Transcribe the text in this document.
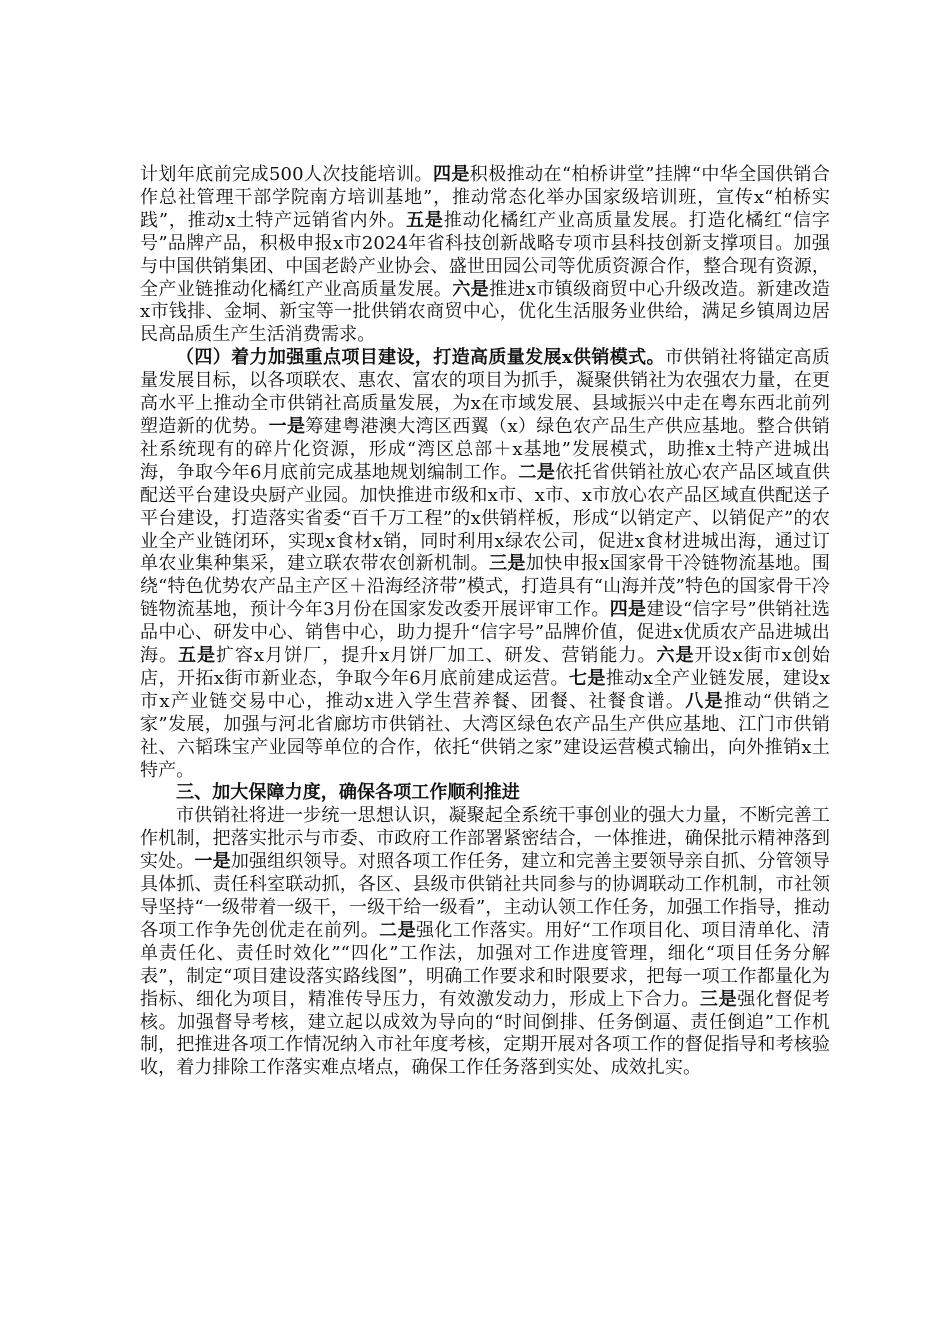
计划年底前完成500人次技能培训。四是积极推动在“柏桥讲堂”挂牌“中华全国供销合作总社管理干部学院南方培训基地”，推动常态化举办国家级培训班，宣传x“柏桥实践”，推动x土特产远销省内外。五是推动化橘红产业高质量发展。打造化橘红“信字号”品牌产品，积极申报x市2024年省科技创新战略专项市县科技创新支撑项目。加强与中国供销集团、中国老龄产业协会、盛世田园公司等优质资源合作，整合现有资源，全产业链推动化橘红产业高质量发展。六是推进x市镇级商贸中心升级改造。新建改造x市钱排、金垌、新宝等一批供销农商贸中心，优化生活服务业供给，满足乡镇周边居民高品质生产生活消费需求。

（四）着力加强重点项目建设，打造高质量发展x供销模式。市供销社将锚定高质量发展目标，以各项联农、惠农、富农的项目为抓手，凝聚供销社为农强农力量，在更高水平上推动全市供销社高质量发展，为x在市域发展、县域振兴中走在粤东西北前列塑造新的优势。一是筹建粤港澳大湾区西翼（x）绿色农产品生产供应基地。整合供销社系统现有的碎片化资源，形成“湾区总部＋x基地”发展模式，助推x土特产进城出海，争取今年6月底前完成基地规划编制工作。二是依托省供销社放心农产品区域直供配送平台建设央厨产业园。加快推进市级和x市、x市、x市放心农产品区域直供配送子平台建设，打造落实省委“百千万工程”的x供销样板，形成“以销定产、以销促产”的农业全产业链闭环，实现x食材x销，同时利用x绿农公司，促进x食材进城出海，通过订单农业集种集采，建立联农带农创新机制。三是加快申报x国家骨干冷链物流基地。围绕“特色优势农产品主产区＋沿海经济带”模式，打造具有“山海并茂”特色的国家骨干冷链物流基地，预计今年3月份在国家发改委开展评审工作。四是建设“信字号”供销社选品中心、研发中心、销售中心，助力提升“信字号”品牌价值，促进x优质农产品进城出海。五是扩容x月饼厂，提升x月饼厂加工、研发、营销能力。六是开设x街市x创始店，开拓x街市新业态，争取今年6月底前建成运营。七是推动x全产业链发展，建设x市x产业链交易中心，推动x进入学生营养餐、团餐、社餐食谱。八是推动“供销之家”发展，加强与河北省廊坊市供销社、大湾区绿色农产品生产供应基地、江门市供销社、六韬珠宝产业园等单位的合作，依托“供销之家”建设运营模式输出，向外推销x土特产。

三、加大保障力度，确保各项工作顺利推进

市供销社将进一步统一思想认识，凝聚起全系统干事创业的强大力量，不断完善工作机制，把落实批示与市委、市政府工作部署紧密结合，一体推进，确保批示精神落到实处。一是加强组织领导。对照各项工作任务，建立和完善主要领导亲自抓、分管领导具体抓、责任科室联动抓，各区、县级市供销社共同参与的协调联动工作机制，市社领导坚持“一级带着一级干，一级干给一级看”，主动认领工作任务，加强工作指导，推动各项工作争先创优走在前列。二是强化工作落实。用好“工作项目化、项目清单化、清单责任化、责任时效化”“四化”工作法，加强对工作进度管理，细化“项目任务分解表”，制定“项目建设落实路线图”，明确工作要求和时限要求，把每一项工作都量化为指标、细化为项目，精准传导压力，有效激发动力，形成上下合力。三是强化督促考核。加强督导考核，建立起以成效为导向的“时间倒排、任务倒逼、责任倒追”工作机制，把推进各项工作情况纳入市社年度考核，定期开展对各项工作的督促指导和考核验收，着力排除工作落实难点堵点，确保工作任务落到实处、成效扎实。
